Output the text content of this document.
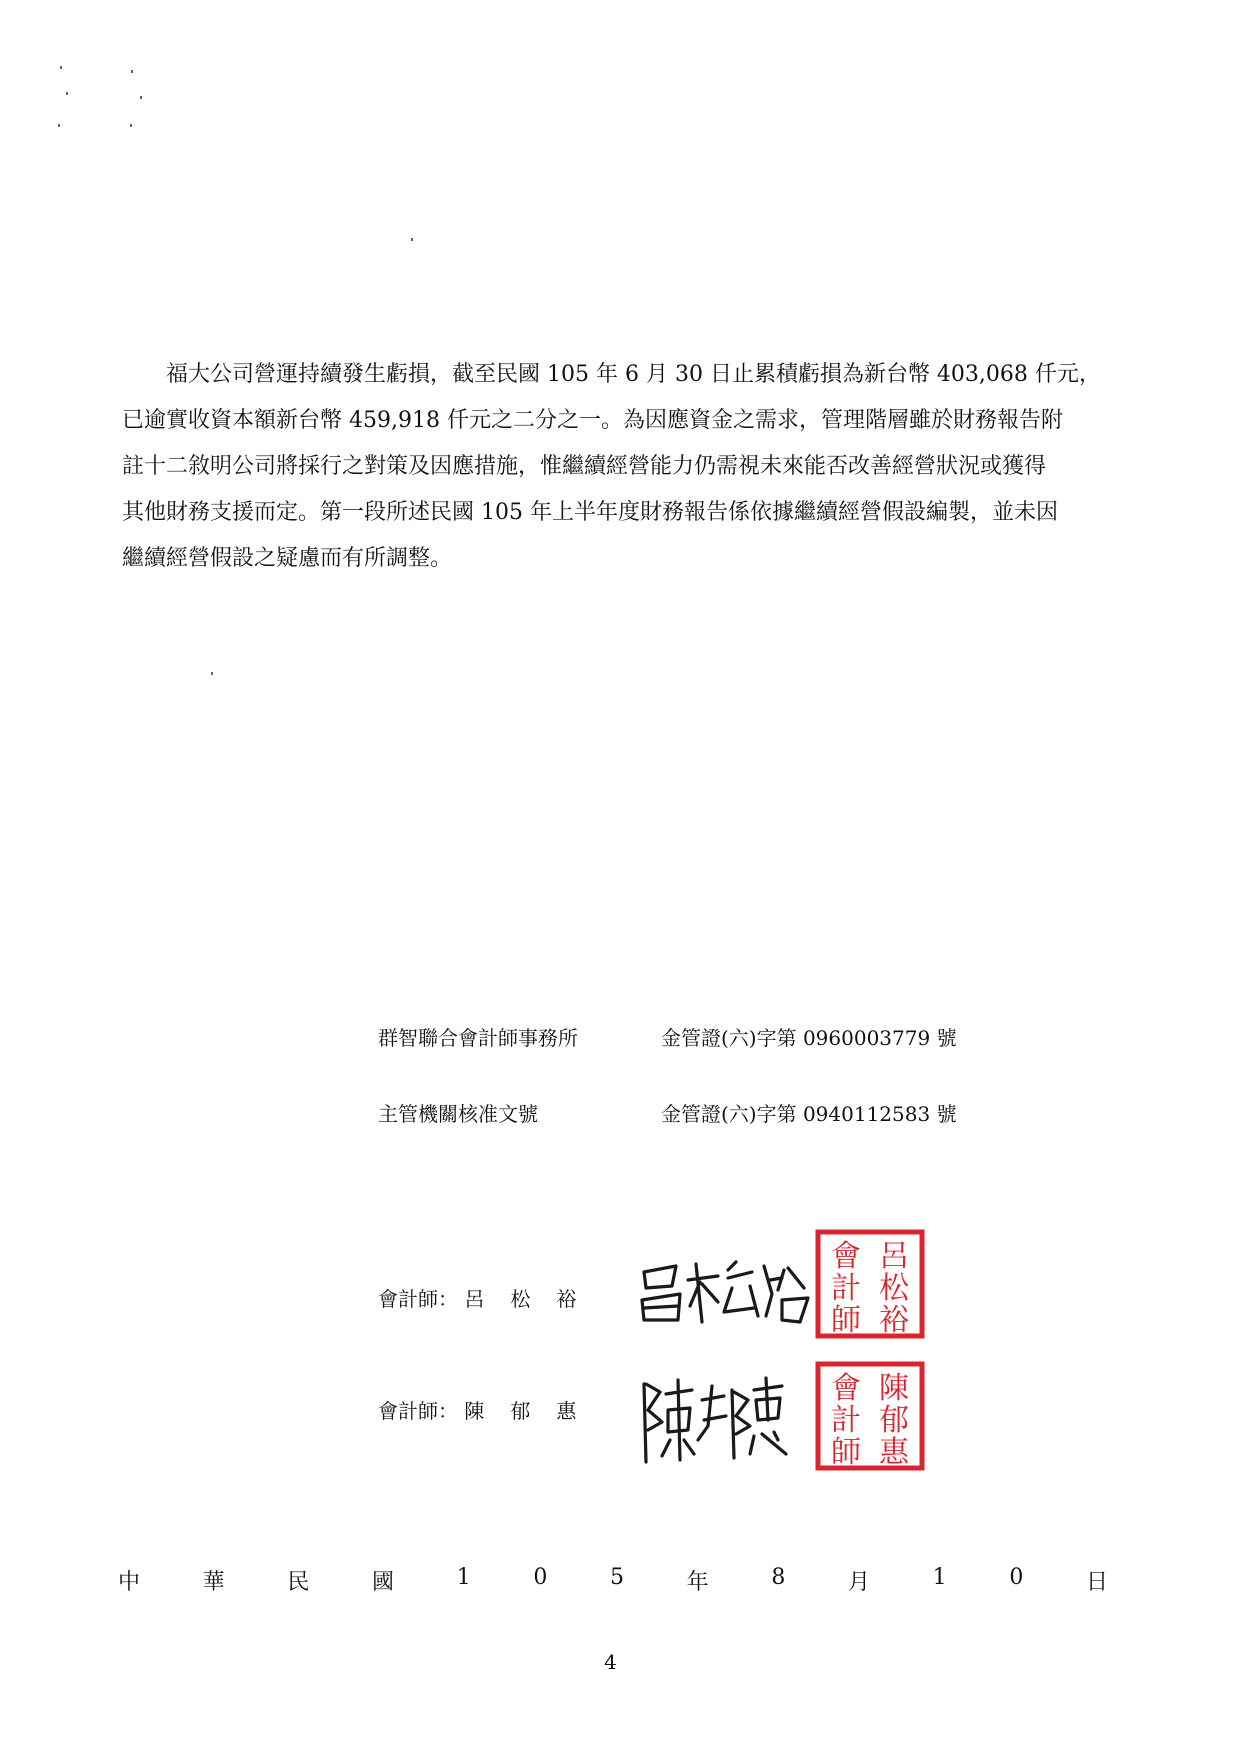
福大公司營運持續發生虧損，截至民國 105 年 6 月 30 日止累積虧損為新台幣 403,068 仟元，
已逾實收資本額新台幣 459,918 仟元之二分之一。為因應資金之需求，管理階層雖於財務報告附
註十二敘明公司將採行之對策及因應措施，惟繼續經營能力仍需視未來能否改善經營狀況或獲得
其他財務支援而定。第一段所述民國 105 年上半年度財務報告係依據繼續經營假設編製，並未因
繼續經營假設之疑慮而有所調整。
群智聯合會計師事務所	金管證(六)字第 0960003779 號
主管機關核准文號	金管證(六)字第 0940112583 號
會計師： 呂 松 裕
呂
松
裕
會
計
師
會計師： 陳 郁 惠
陳
郁
惠
會
計
師
中	華	民	國	1	0	5	年	8	月	1	0	日
4
